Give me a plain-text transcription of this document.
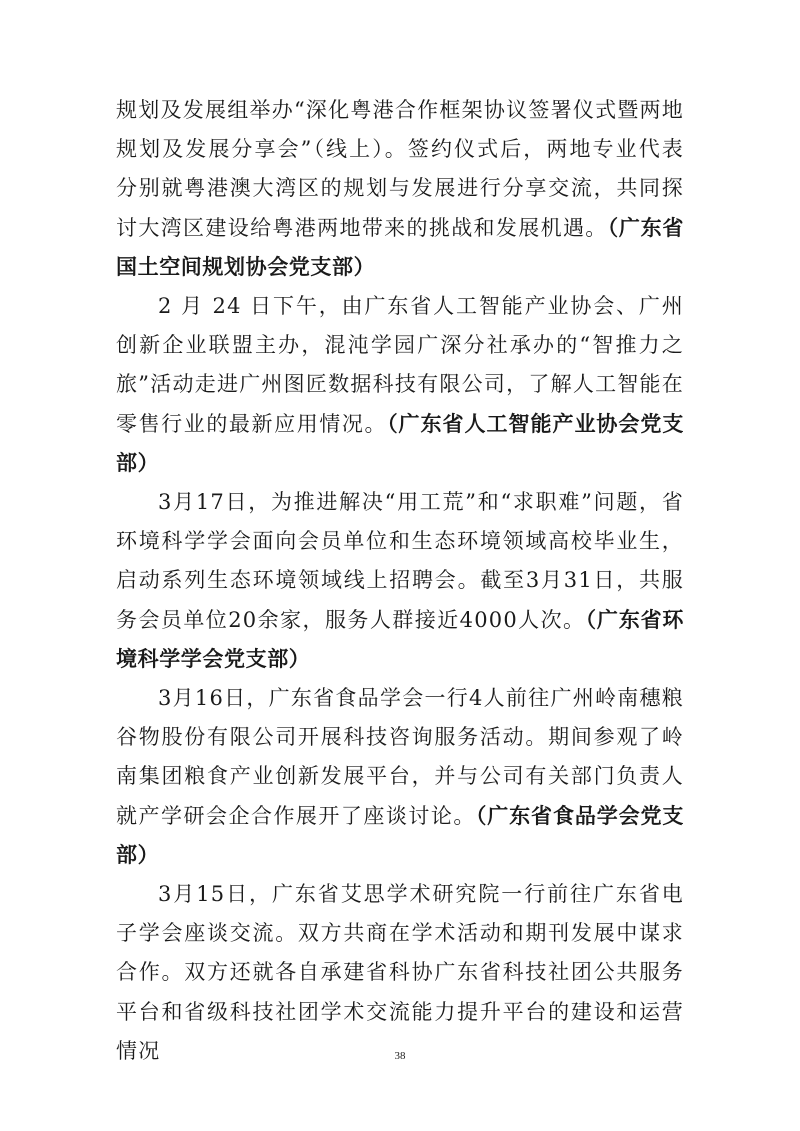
规划及发展组举办“深化粤港合作框架协议签署仪式暨两地规划及发展分享会”（线上）。签约仪式后，两地专业代表分别就粤港澳大湾区的规划与发展进行分享交流，共同探讨大湾区建设给粤港两地带来的挑战和发展机遇。（广东省国土空间规划协会党支部）

2 月 24 日下午，由广东省人工智能产业协会、广州创新企业联盟主办，混沌学园广深分社承办的“智推力之旅”活动走进广州图匠数据科技有限公司，了解人工智能在零售行业的最新应用情况。（广东省人工智能产业协会党支部）

3月17日，为推进解决“用工荒”和“求职难”问题，省环境科学学会面向会员单位和生态环境领域高校毕业生，启动系列生态环境领域线上招聘会。截至3月31日，共服务会员单位20余家，服务人群接近4000人次。（广东省环境科学学会党支部）

3月16日，广东省食品学会一行4人前往广州岭南穗粮谷物股份有限公司开展科技咨询服务活动。期间参观了岭南集团粮食产业创新发展平台，并与公司有关部门负责人就产学研会企合作展开了座谈讨论。（广东省食品学会党支部）

3月15日，广东省艾思学术研究院一行前往广东省电子学会座谈交流。双方共商在学术活动和期刊发展中谋求合作。双方还就各自承建省科协广东省科技社团公共服务平台和省级科技社团学术交流能力提升平台的建设和运营情况	38
